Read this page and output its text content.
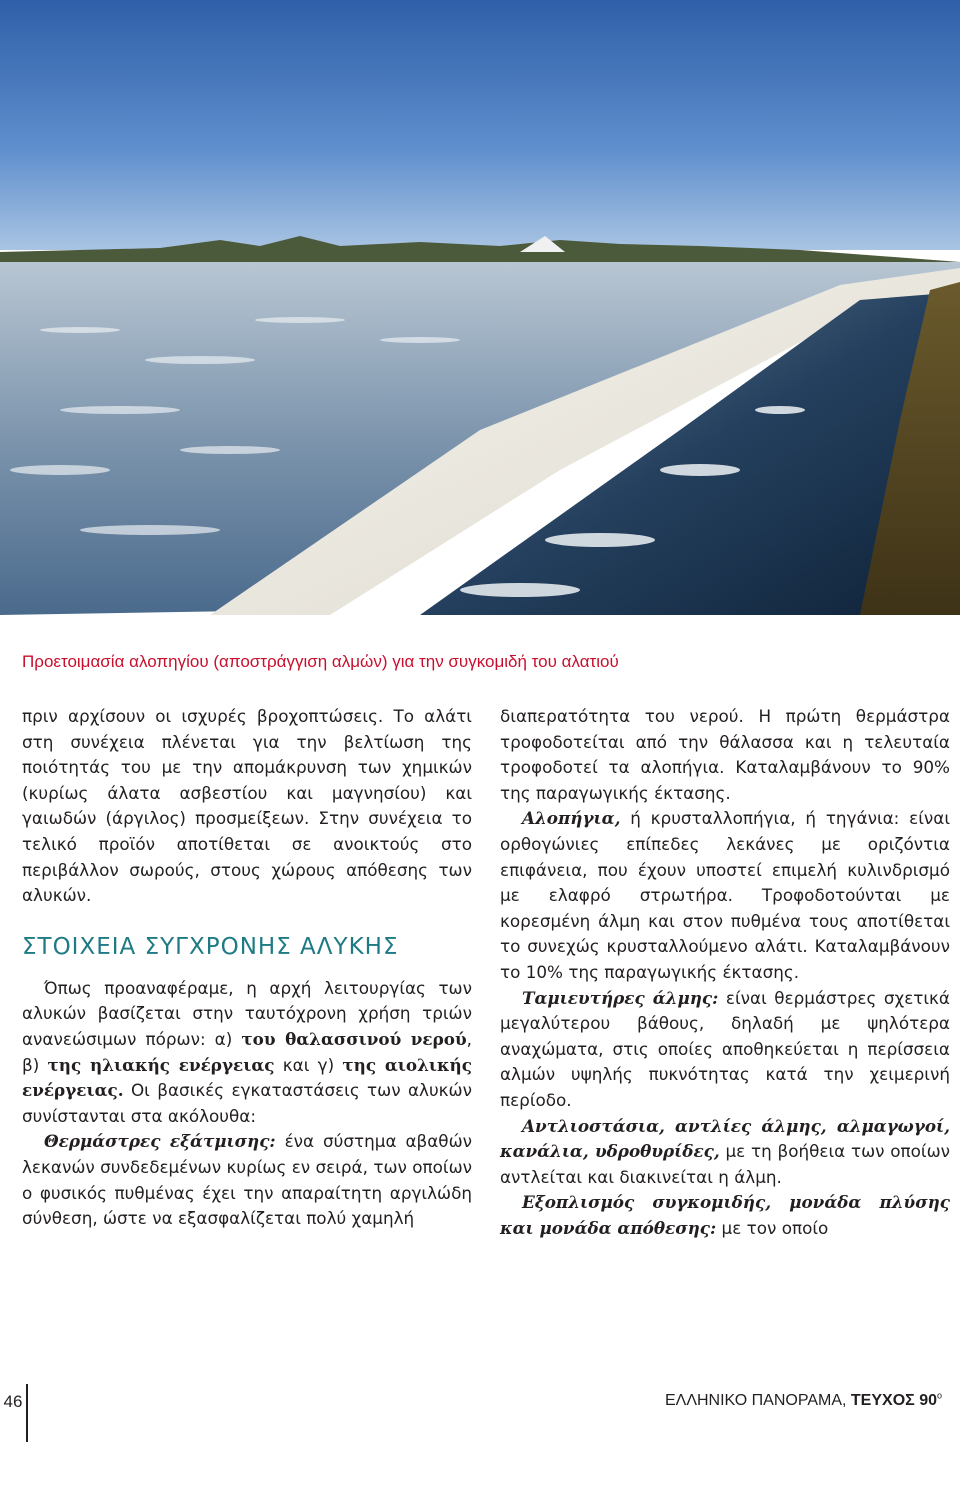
Προετοιμασία αλοπηγίου (αποστράγγιση αλμών) για την συγκομιδή του αλατιού

πριν αρχίσουν οι ισχυρές βροχοπτώσεις. Το αλάτι στη συνέχεια πλένεται για την βελτίωση της ποιότητάς του με την απομάκρυνση των χημικών (κυρίως άλατα ασβεστίου και μαγνησίου) και γαιωδών (άργιλος) προσμείξεων. Στην συνέχεια το τελικό προϊόν αποτίθεται σε ανοικτούς στο περιβάλλον σωρούς, στους χώρους απόθεσης των αλυκών.

ΣΤΟΙΧΕΙΑ ΣΥΓΧΡΟΝΗΣ ΑΛΥΚΗΣ

Όπως προαναφέραμε, η αρχή λειτουργίας των αλυκών βασίζεται στην ταυτόχρονη χρήση τριών ανανεώσιμων πόρων: α) του θαλασσινού νερού, β) της ηλιακής ενέργειας και γ) της αιολικής ενέργειας. Οι βασικές εγκαταστάσεις των αλυκών συνίστανται στα ακόλουθα:

Θερμάστρες εξάτμισης: ένα σύστημα αβαθών λεκανών συνδεδεμένων κυρίως εν σειρά, των οποίων ο φυσικός πυθμένας έχει την απαραίτητη αργιλώδη σύνθεση, ώστε να εξασφαλίζεται πολύ χαμηλή

διαπερατότητα του νερού. Η πρώτη θερμάστρα τροφοδοτείται από την θάλασσα και η τελευταία τροφοδοτεί τα αλοπήγια. Καταλαμβάνουν το 90% της παραγωγικής έκτασης.

Αλοπήγια, ή κρυσταλλοπήγια, ή τηγάνια: είναι ορθογώνιες επίπεδες λεκάνες με οριζόντια επιφάνεια, που έχουν υποστεί επιμελή κυλινδρισμό με ελαφρό στρωτήρα. Τροφοδοτούνται με κορεσμένη άλμη και στον πυθμένα τους αποτίθεται το συνεχώς κρυσταλλούμενο αλάτι. Καταλαμβάνουν το 10% της παραγωγικής έκτασης.

Ταμιευτήρες άλμης: είναι θερμάστρες σχετικά μεγαλύτερου βάθους, δηλαδή με ψηλότερα αναχώματα, στις οποίες αποθηκεύεται η περίσσεια αλμών υψηλής πυκνότητας κατά την χειμερινή περίοδο.

Αντλιοστάσια, αντλίες άλμης, αλμαγωγοί, κανάλια, υδροθυρίδες, με τη βοήθεια των οποίων αντλείται και διακινείται η άλμη.

Εξοπλισμός συγκομιδής, μονάδα πλύσης και μονάδα απόθεσης: με τον οποίο

46	ΕΛΛΗΝΙΚΟ ΠΑΝΟΡΑΜΑ, ΤΕΥΧΟΣ $90^o$
